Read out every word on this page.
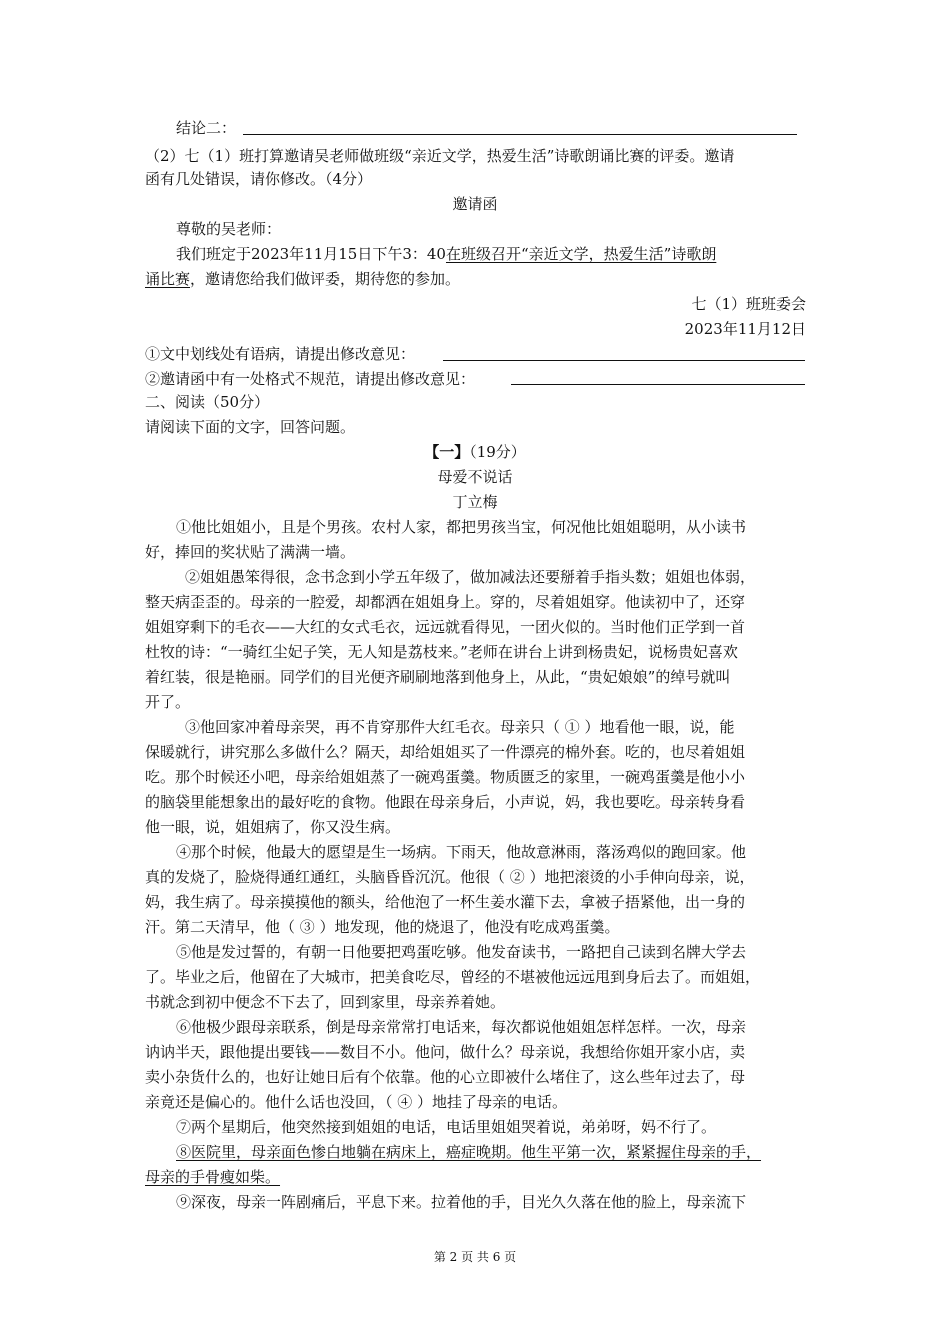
结论二：
（2）七（1）班打算邀请吴老师做班级“亲近文学，热爱生活”诗歌朗诵比赛的评委。邀请
函有几处错误，请你修改。（4分）
邀请函
尊敬的吴老师：
我们班定于2023年11月15日下午3：40在班级召开“亲近文学，热爱生活”诗歌朗
诵比赛，邀请您给我们做评委，期待您的参加。
七（1）班班委会
2023年11月12日
①文中划线处有语病，请提出修改意见：
②邀请函中有一处格式不规范，请提出修改意见：
二、阅读（50分）
请阅读下面的文字，回答问题。
【一】（19分）
母爱不说话
丁立梅
①他比姐姐小，且是个男孩。农村人家，都把男孩当宝，何况他比姐姐聪明，从小读书
好，捧回的奖状贴了满满一墙。
②姐姐愚笨得很，念书念到小学五年级了，做加减法还要掰着手指头数；姐姐也体弱，
整天病歪歪的。母亲的一腔爱，却都洒在姐姐身上。穿的，尽着姐姐穿。他读初中了，还穿
姐姐穿剩下的毛衣——大红的女式毛衣，远远就看得见，一团火似的。当时他们正学到一首
杜牧的诗：“一骑红尘妃子笑，无人知是荔枝来。”老师在讲台上讲到杨贵妃，说杨贵妃喜欢
着红装，很是艳丽。同学们的目光便齐刷刷地落到他身上，从此，“贵妃娘娘”的绰号就叫
开了。
③他回家冲着母亲哭，再不肯穿那件大红毛衣。母亲只（ ① ）地看他一眼，说，能
保暖就行，讲究那么多做什么？隔天，却给姐姐买了一件漂亮的棉外套。吃的，也尽着姐姐
吃。那个时候还小吧，母亲给姐姐蒸了一碗鸡蛋羹。物质匮乏的家里，一碗鸡蛋羹是他小小
的脑袋里能想象出的最好吃的食物。他跟在母亲身后，小声说，妈，我也要吃。母亲转身看
他一眼，说，姐姐病了，你又没生病。
④那个时候，他最大的愿望是生一场病。下雨天，他故意淋雨，落汤鸡似的跑回家。他
真的发烧了，脸烧得通红通红，头脑昏昏沉沉。他很（ ② ）地把滚烫的小手伸向母亲，说，
妈，我生病了。母亲摸摸他的额头，给他泡了一杯生姜水灌下去，拿被子捂紧他，出一身的
汗。第二天清早，他（ ③ ）地发现，他的烧退了，他没有吃成鸡蛋羹。
⑤他是发过誓的，有朝一日他要把鸡蛋吃够。他发奋读书，一路把自己读到名牌大学去
了。毕业之后，他留在了大城市，把美食吃尽，曾经的不堪被他远远甩到身后去了。而姐姐，
书就念到初中便念不下去了，回到家里，母亲养着她。
⑥他极少跟母亲联系，倒是母亲常常打电话来，每次都说他姐姐怎样怎样。一次，母亲
讷讷半天，跟他提出要钱——数目不小。他问，做什么？母亲说，我想给你姐开家小店，卖
卖小杂货什么的，也好让她日后有个依靠。他的心立即被什么堵住了，这么些年过去了，母
亲竟还是偏心的。他什么话也没回，（ ④ ）地挂了母亲的电话。
⑦两个星期后，他突然接到姐姐的电话，电话里姐姐哭着说，弟弟呀，妈不行了。
⑧医院里，母亲面色惨白地躺在病床上，癌症晚期。他生平第一次，紧紧握住母亲的手，
母亲的手骨瘦如柴。
⑨深夜，母亲一阵剧痛后，平息下来。拉着他的手，目光久久落在他的脸上，母亲流下
第 2 页 共 6 页
